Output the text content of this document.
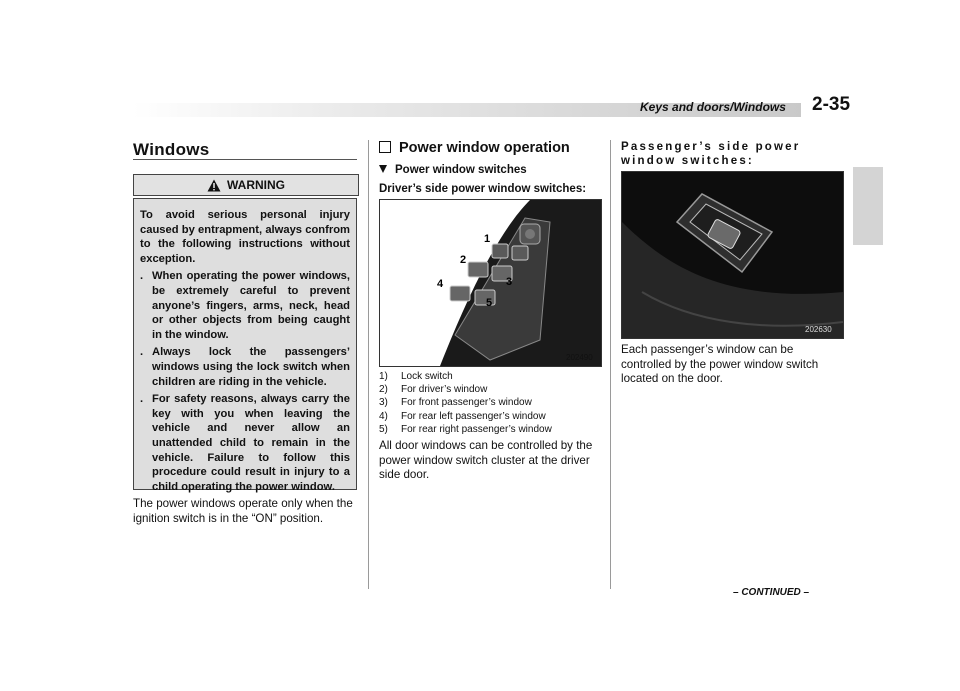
Keys and doors/Windows 2-35
Windows
WARNING

To avoid serious personal injury caused by entrapment, always confrom to the following instructions without exception.

. When operating the power windows, be extremely careful to prevent anyone’s fingers, arms, neck, head or other objects from being caught in the window.
. Always lock the passengers’ windows using the lock switch when children are riding in the vehicle.
. For safety reasons, always carry the key with you when leaving the vehicle and never allow an unattended child to remain in the vehicle. Failure to follow this procedure could result in injury to a child operating the power window.
The power windows operate only when the ignition switch is in the “ON” position.
Power window operation
Power window switches
Driver’s side power window switches:
1
2
3
4
5
202490
1) Lock switch
2) For driver’s window
3) For front passenger’s window
4) For rear left passenger’s window
5) For rear right passenger’s window
All door windows can be controlled by the power window switch cluster at the driver side door.
Passenger’s side power window switches:
202630
Each passenger’s window can be controlled by the power window switch located on the door.
– CONTINUED –
